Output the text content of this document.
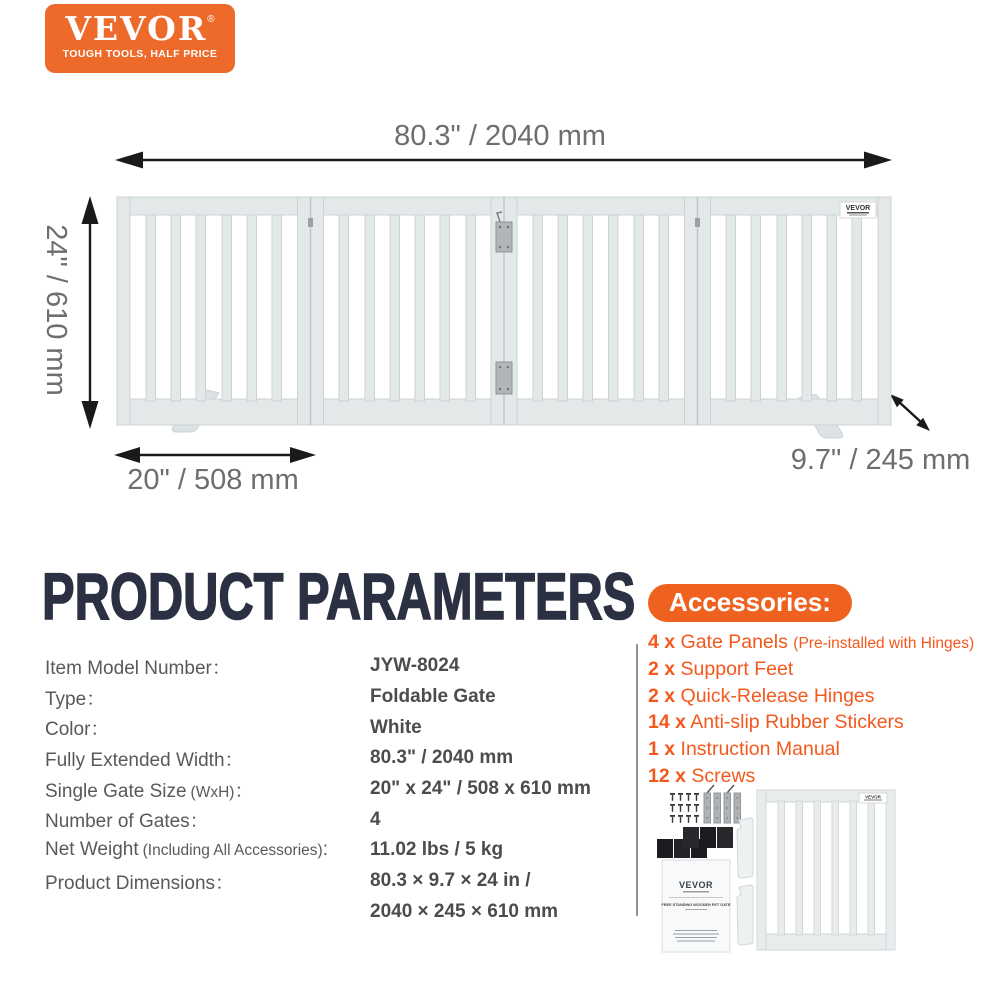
VEVOR®
TOUGH TOOLS, HALF PRICE
80.3" / 2040 mm
24" / 610 mm
20" / 508 mm
9.7" / 245 mm
VEVOR
PRODUCT PARAMETERS
Item Model Number：	JYW-8024
Type：	Foldable Gate
Color：	White
Fully Extended Width：	80.3" / 2040 mm
Single Gate Size (WxH)：	20" x 24" / 508 x 610 mm
Number of Gates：	4
Net Weight (Including All Accessories):	11.02 lbs / 5 kg
Product Dimensions：	80.3 × 9.7 × 24 in /
2040 × 245 × 610 mm
Accessories:
4 x Gate Panels (Pre-installed with Hinges)
2 x Support Feet
2 x Quick-Release Hinges
14 x Anti-slip Rubber Stickers
1 x Instruction Manual
12 x Screws
VEVOR
FREE STANDING WOODEN PET GATE
VEVOR
